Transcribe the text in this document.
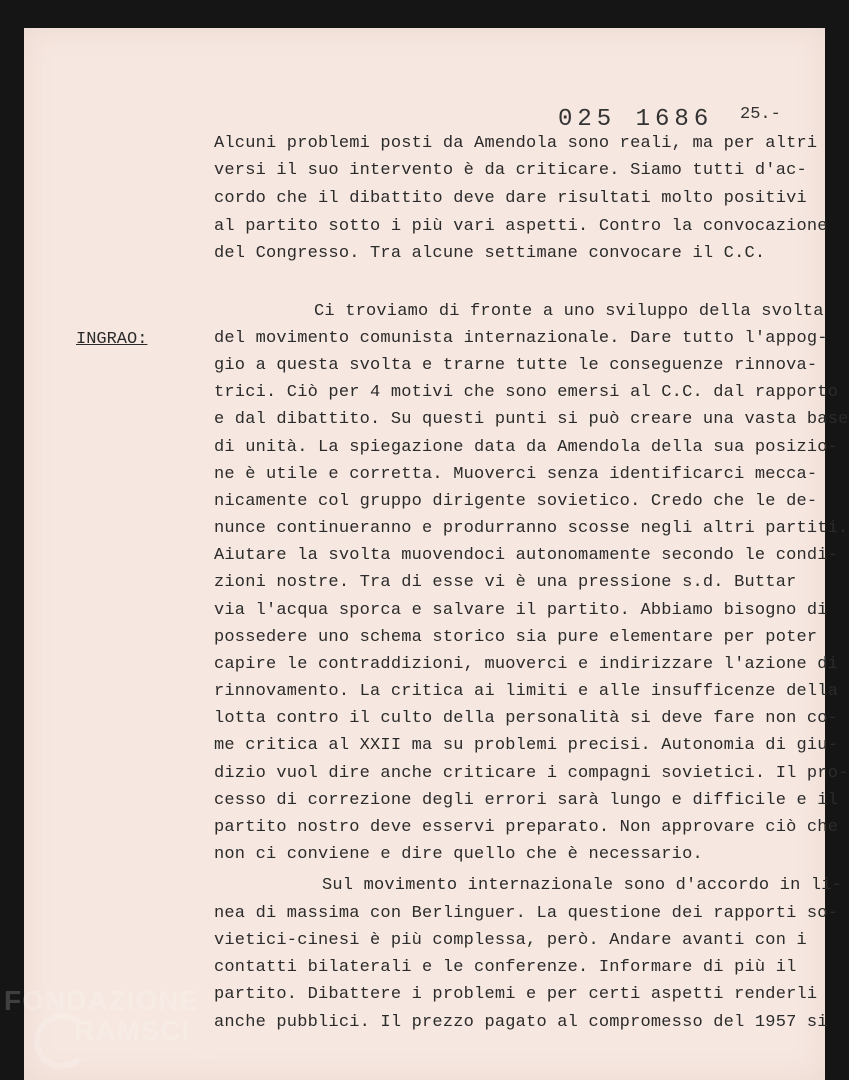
025 1686 25.-
INGRAO:
Alcuni problemi posti da Amendola sono reali, ma per altri
versi il suo intervento è da criticare. Siamo tutti d'ac-
cordo che il dibattito deve dare risultati molto positivi
al partito sotto i più vari aspetti. Contro la convocazione
del Congresso. Tra alcune settimane convocare il C.C.
Ci troviamo di fronte a uno sviluppo della svolta
del movimento comunista internazionale. Dare tutto l'appog-
gio a questa svolta e trarne tutte le conseguenze rinnova-
trici. Ciò per 4 motivi che sono emersi al C.C. dal rapporto
e dal dibattito. Su questi punti si può creare una vasta base
di unità. La spiegazione data da Amendola della sua posizio-
ne è utile e corretta. Muoverci senza identificarci mecca-
nicamente col gruppo dirigente sovietico. Credo che le de-
nunce continueranno e produrranno scosse negli altri partiti.
Aiutare la svolta muovendoci autonomamente secondo le condi-
zioni nostre. Tra di esse vi è una pressione s.d. Buttar
via l'acqua sporca e salvare il partito. Abbiamo bisogno di
possedere uno schema storico sia pure elementare per poter
capire le contraddizioni, muoverci e indirizzare l'azione di
rinnovamento. La critica ai limiti e alle insufficenze della
lotta contro il culto della personalità si deve fare non co-
me critica al XXII ma su problemi precisi. Autonomia di giu-
dizio vuol dire anche criticare i compagni sovietici. Il pro-
cesso di correzione degli errori sarà lungo e difficile e il
partito nostro deve esservi preparato. Non approvare ciò che
non ci conviene e dire quello che è necessario.
Sul movimento internazionale sono d'accordo in li-
nea di massima con Berlinguer. La questione dei rapporti so-
vietici-cinesi è più complessa, però. Andare avanti con i
contatti bilaterali e le conferenze. Informare di più il
partito. Dibattere i problemi e per certi aspetti renderli
anche pubblici. Il prezzo pagato al compromesso del 1957 si
FONDAZIONE
RAMSCI
onlus
